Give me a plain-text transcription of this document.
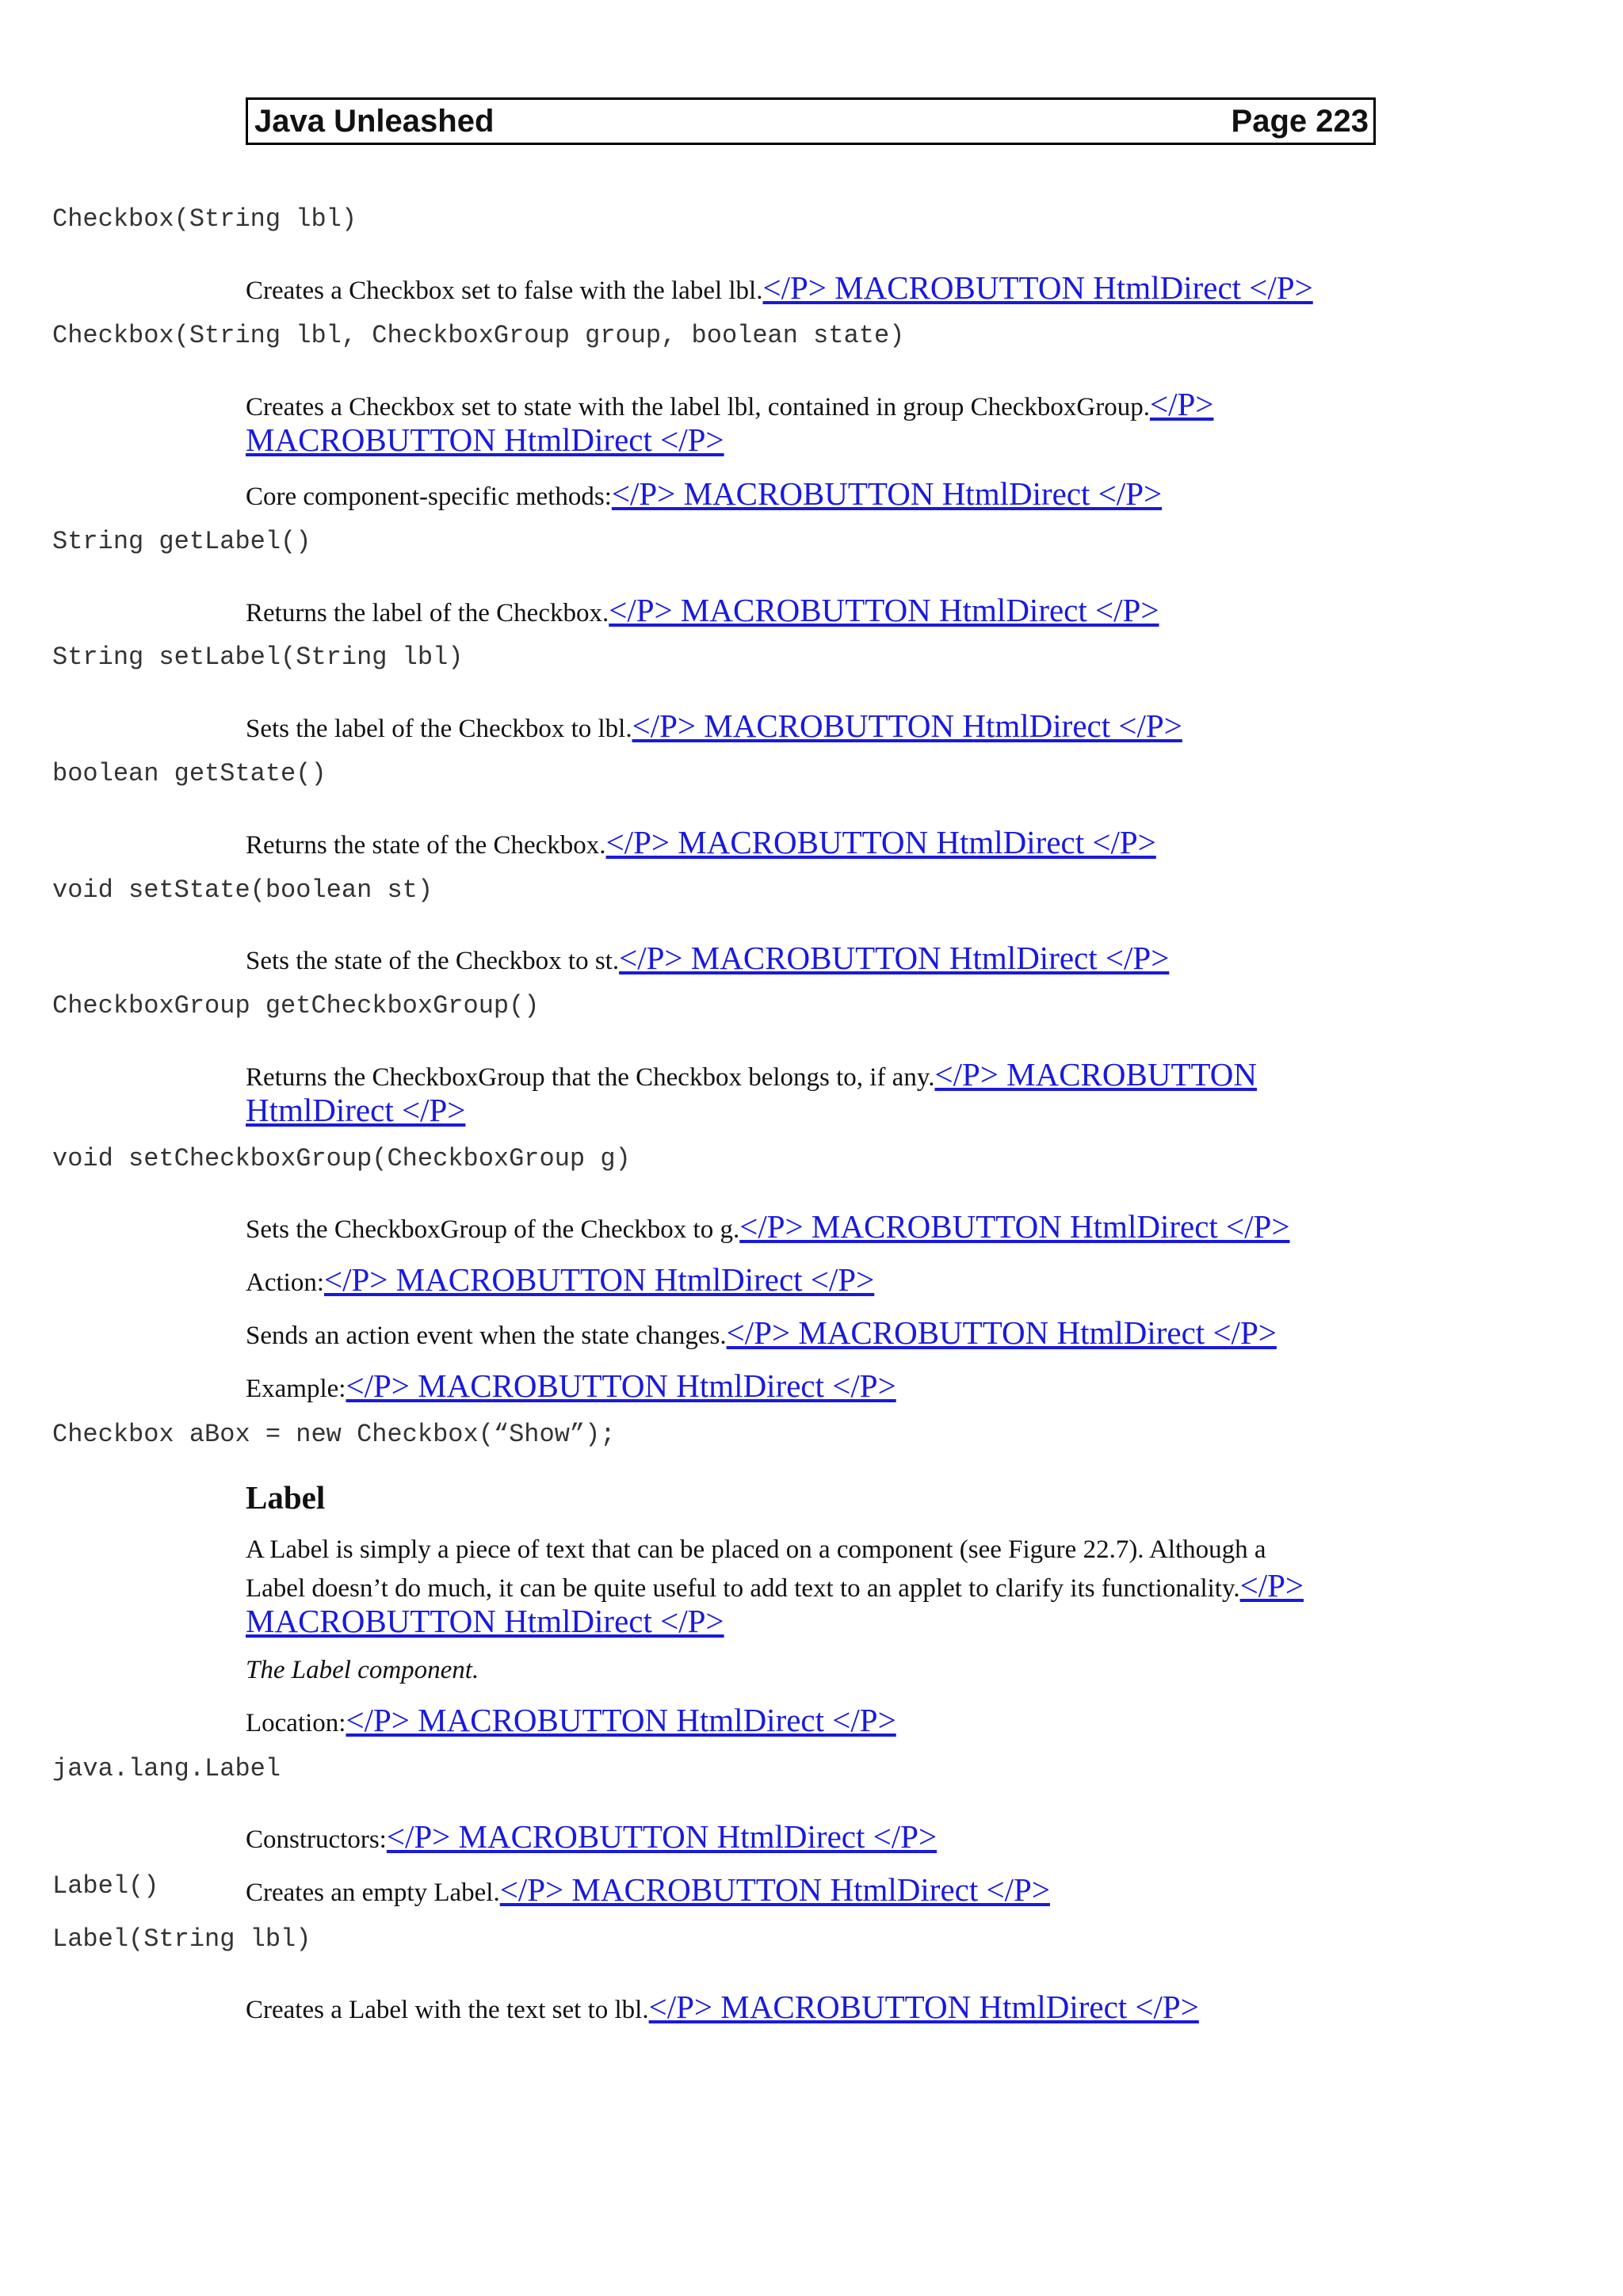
Java Unleashed	Page 223
Checkbox(String lbl)
Creates a Checkbox set to false with the label lbl.</P> MACROBUTTON HtmlDirect </P>
Checkbox(String lbl, CheckboxGroup group, boolean state)
Creates a Checkbox set to state with the label lbl, contained in group CheckboxGroup.</P>
MACROBUTTON HtmlDirect </P>
Core component-specific methods:</P> MACROBUTTON HtmlDirect </P>
String getLabel()
Returns the label of the Checkbox.</P> MACROBUTTON HtmlDirect </P>
String setLabel(String lbl)
Sets the label of the Checkbox to lbl.</P> MACROBUTTON HtmlDirect </P>
boolean getState()
Returns the state of the Checkbox.</P> MACROBUTTON HtmlDirect </P>
void setState(boolean st)
Sets the state of the Checkbox to st.</P> MACROBUTTON HtmlDirect </P>
CheckboxGroup getCheckboxGroup()
Returns the CheckboxGroup that the Checkbox belongs to, if any.</P> MACROBUTTON
HtmlDirect </P>
void setCheckboxGroup(CheckboxGroup g)
Sets the CheckboxGroup of the Checkbox to g.</P> MACROBUTTON HtmlDirect </P>
Action:</P> MACROBUTTON HtmlDirect </P>
Sends an action event when the state changes.</P> MACROBUTTON HtmlDirect </P>
Example:</P> MACROBUTTON HtmlDirect </P>
Checkbox aBox = new Checkbox(“Show”);
Label
A Label is simply a piece of text that can be placed on a component (see Figure 22.7). Although a
Label doesn’t do much, it can be quite useful to add text to an applet to clarify its functionality.</P>
MACROBUTTON HtmlDirect </P>
The Label component.
Location:</P> MACROBUTTON HtmlDirect </P>
java.lang.Label
Constructors:</P> MACROBUTTON HtmlDirect </P>
Label()	Creates an empty Label.</P> MACROBUTTON HtmlDirect </P>
Label(String lbl)
Creates a Label with the text set to lbl.</P> MACROBUTTON HtmlDirect </P>
